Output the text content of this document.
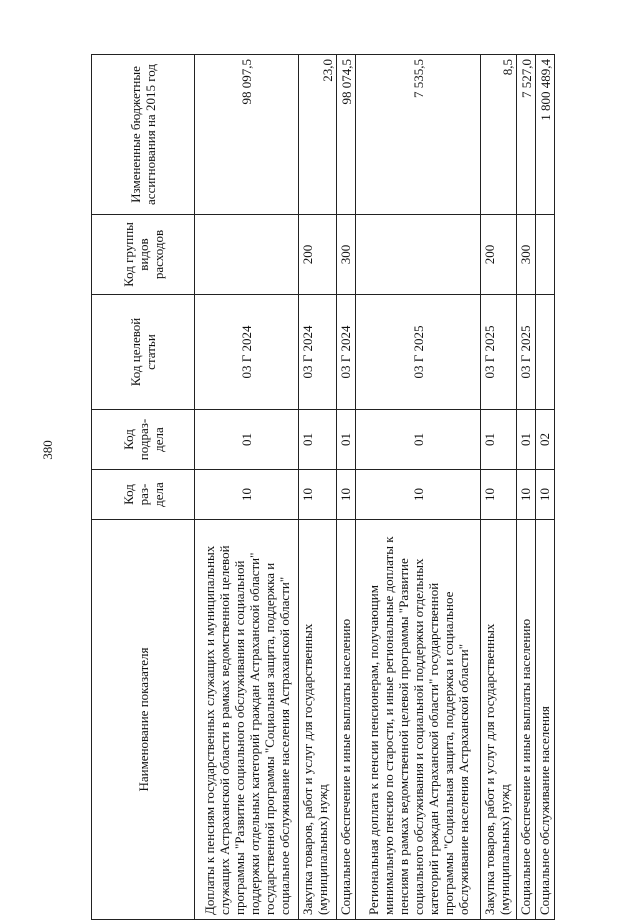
380
Наименование показателя	Код раз-дела	Код подраз-дела	Код целевой статьи	Код группы видов расходов	Измененные бюджетные ассигнования на 2015 год
Доплаты к пенсиям государственных служащих и муниципальных служащих Астраханской области в рамках ведомственной целевой программы "Развитие социального обслуживания и социальной поддержки отдельных категорий граждан Астраханской области" государственной программы "Социальная защита, поддержка и социальное обслуживание населения Астраханской области"	10	01	03 Г 2024		98 097,5
Закупка товаров, работ и услуг для государственных (муниципальных) нужд	10	01	03 Г 2024	200	23,0
Социальное обеспечение и иные выплаты населению	10	01	03 Г 2024	300	98 074,5
Региональная доплата к пенсии пенсионерам, получающим минимальную пенсию по старости, и иные региональные доплаты к пенсиям в рамках ведомственной целевой программы "Развитие социального обслуживания и социальной поддержки отдельных категорий граждан Астраханской области" государственной программы "Социальная защита, поддержка и социальное обслуживание населения Астраханской области"	10	01	03 Г 2025		7 535,5
Закупка товаров, работ и услуг для государственных (муниципальных) нужд	10	01	03 Г 2025	200	8,5
Социальное обеспечение и иные выплаты населению	10	01	03 Г 2025	300	7 527,0
Социальное обслуживание населения	10	02			1 800 489,4
